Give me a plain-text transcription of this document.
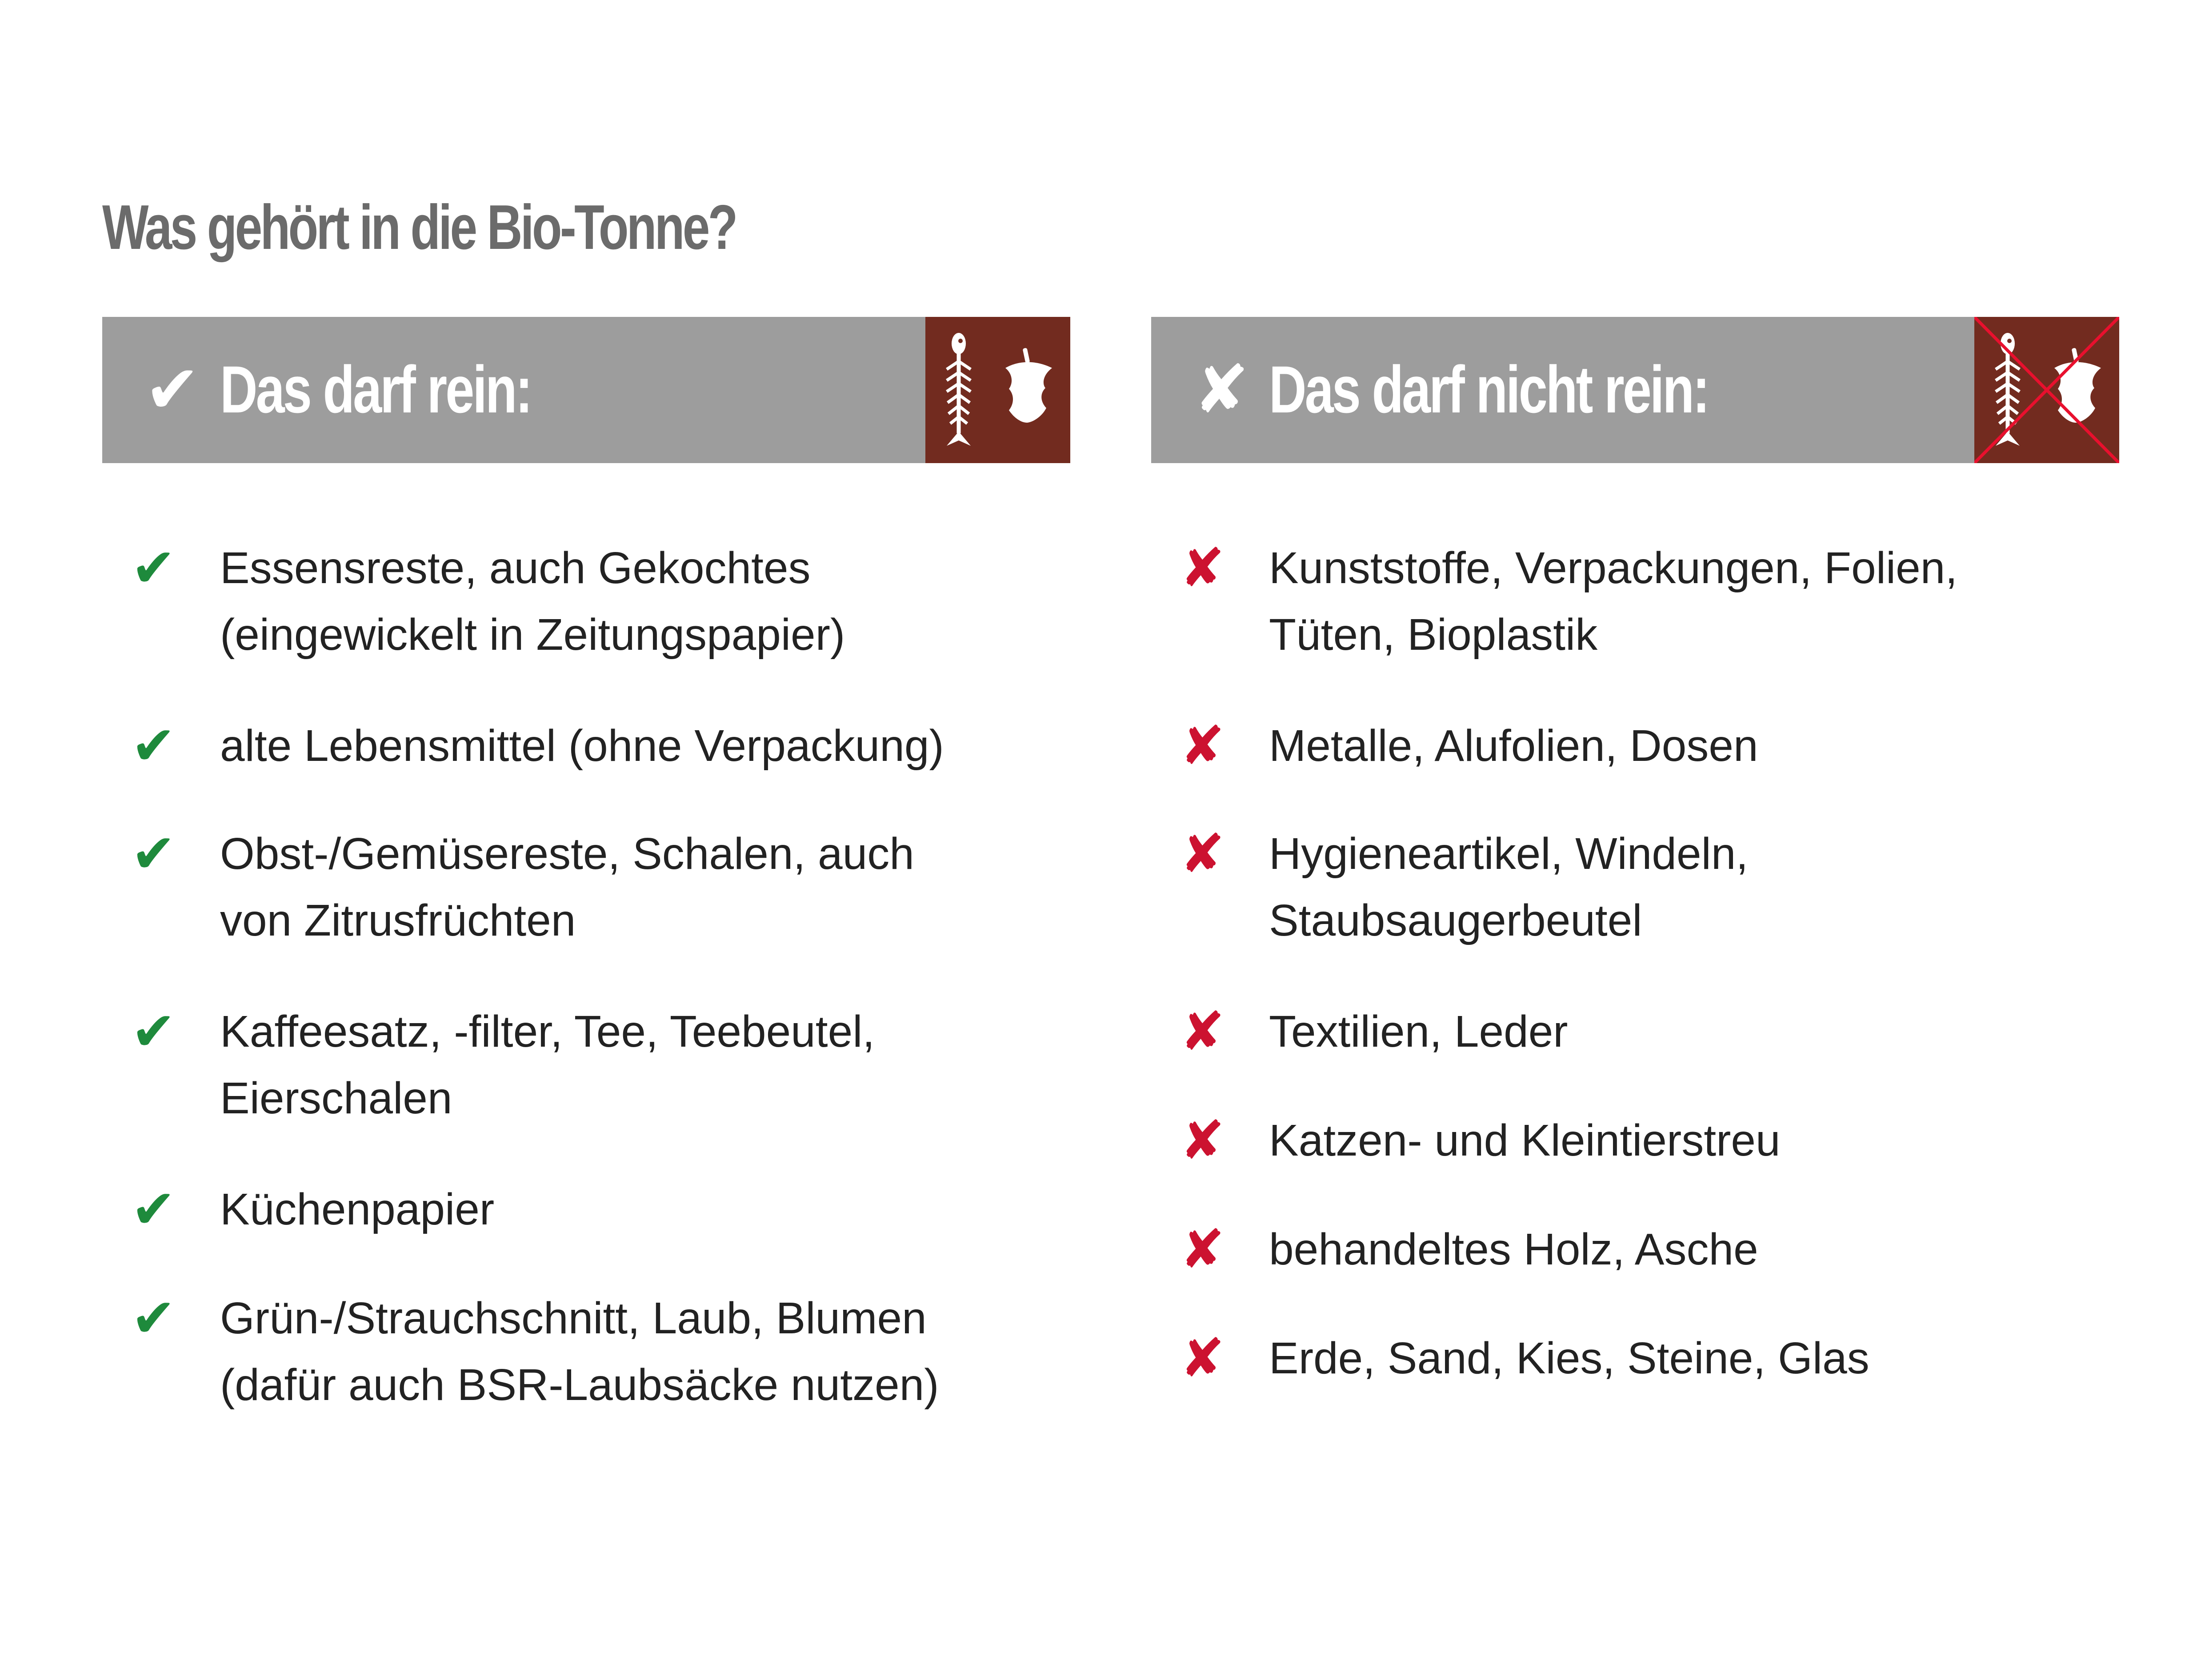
Was gehört in die Bio-Tonne?
✔ Das darf rein:
✔ Essensreste, auch Gekochtes
(eingewickelt in Zeitungspapier)
✔ alte Lebensmittel (ohne Verpackung)
✔ Obst-/Gemüsereste, Schalen, auch
von Zitrusfrüchten
✔ Kaffeesatz, -filter, Tee, Teebeutel,
Eierschalen
✔ Küchenpapier
✔ Grün-/Strauchschnitt, Laub, Blumen
(dafür auch BSR-Laubsäcke nutzen)
✘ Das darf nicht rein:
✘ Kunststoffe, Verpackungen, Folien,
Tüten, Bioplastik
✘ Metalle, Alufolien, Dosen
✘ Hygieneartikel, Windeln,
Staubsaugerbeutel
✘ Textilien, Leder
✘ Katzen- und Kleintierstreu
✘ behandeltes Holz, Asche
✘ Erde, Sand, Kies, Steine, Glas
